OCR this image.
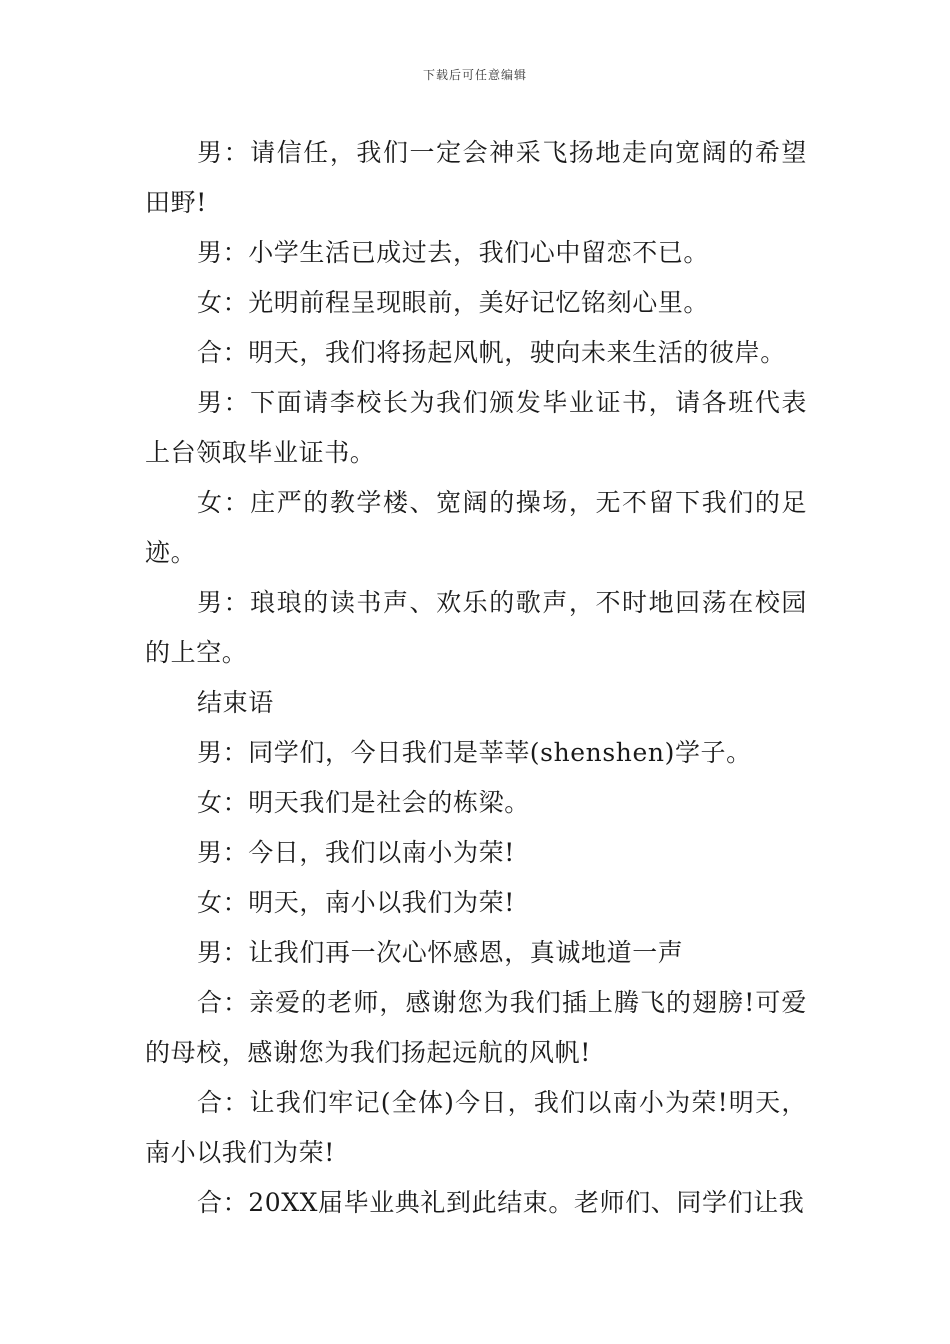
下载后可任意编辑

男：请信任，我们一定会神采飞扬地走向宽阔的希望田野!

男：小学生活已成过去，我们心中留恋不已。

女：光明前程呈现眼前，美好记忆铭刻心里。

合：明天，我们将扬起风帆，驶向未来生活的彼岸。

男：下面请李校长为我们颁发毕业证书，请各班代表上台领取毕业证书。

女：庄严的教学楼、宽阔的操场，无不留下我们的足迹。

男：琅琅的读书声、欢乐的歌声，不时地回荡在校园的上空。

结束语

男：同学们，今日我们是莘莘(shenshen)学子。

女：明天我们是社会的栋梁。

男：今日，我们以南小为荣!

女：明天，南小以我们为荣!

男：让我们再一次心怀感恩，真诚地道一声

合：亲爱的老师，感谢您为我们插上腾飞的翅膀!可爱的母校，感谢您为我们扬起远航的风帆!

合：让我们牢记(全体)今日，我们以南小为荣!明天，南小以我们为荣!

合：20XX届毕业典礼到此结束。老师们、同学们让我
